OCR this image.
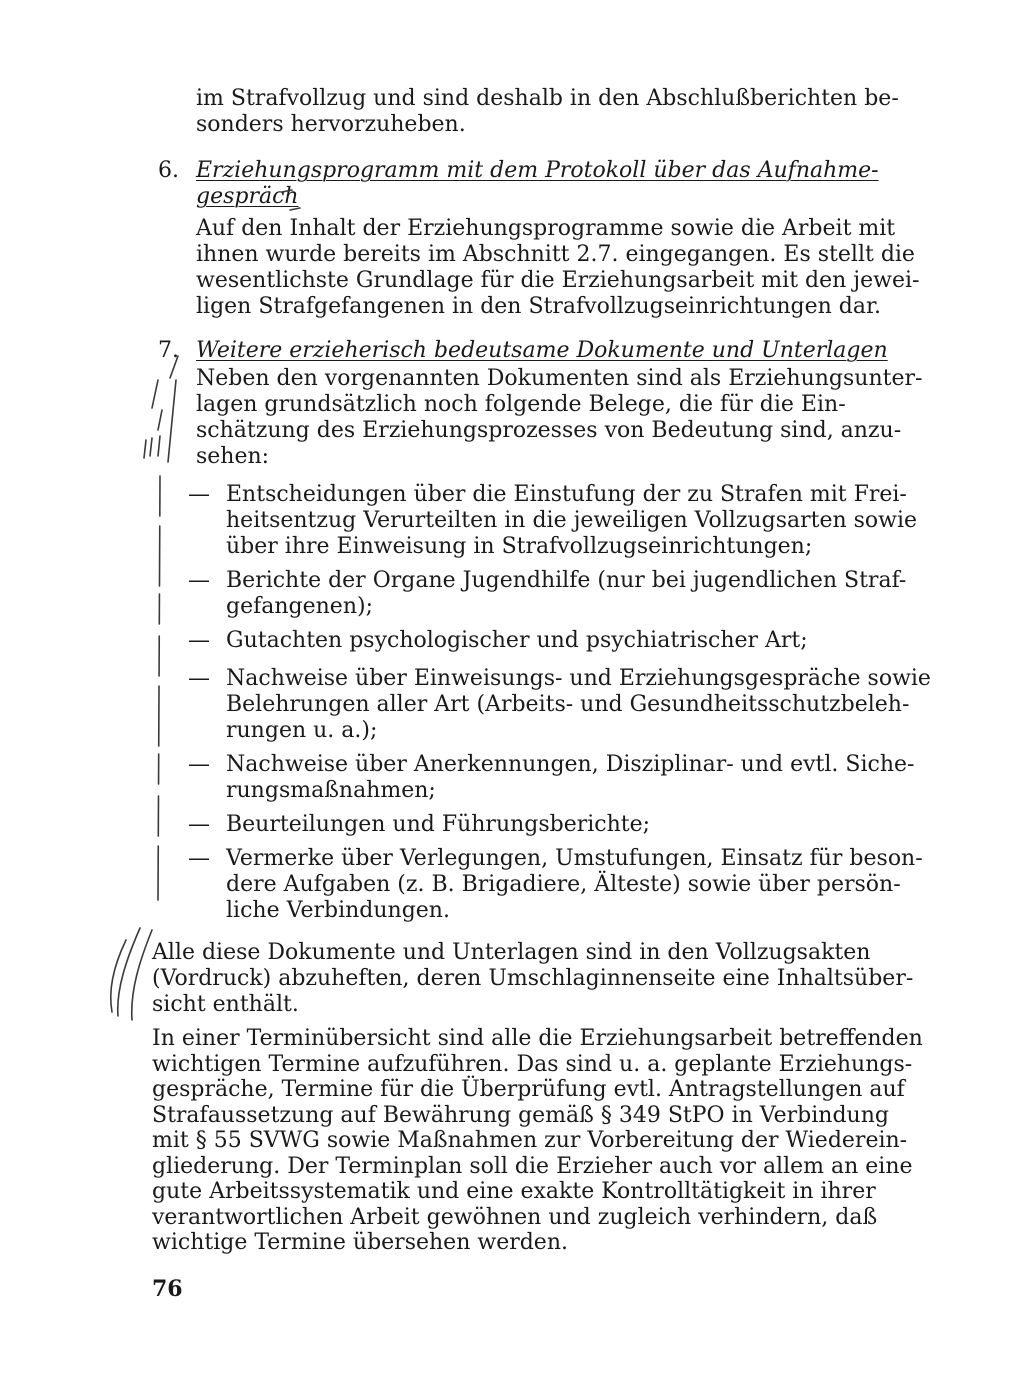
im Strafvollzug und sind deshalb in den Abschlußberichten be-
sonders hervorzuheben.
6. Erziehungsprogramm mit dem Protokoll über das Aufnahme-
gespräch
Auf den Inhalt der Erziehungsprogramme sowie die Arbeit mit
ihnen wurde bereits im Abschnitt 2.7. eingegangen. Es stellt die
wesentlichste Grundlage für die Erziehungsarbeit mit den jewei-
ligen Strafgefangenen in den Strafvollzugseinrichtungen dar.
7. Weitere erzieherisch bedeutsame Dokumente und Unterlagen
Neben den vorgenannten Dokumenten sind als Erziehungsunter-
lagen grundsätzlich noch folgende Belege, die für die Ein-
schätzung des Erziehungsprozesses von Bedeutung sind, anzu-
sehen:
— Entscheidungen über die Einstufung der zu Strafen mit Frei-
heitsentzug Verurteilten in die jeweiligen Vollzugsarten sowie
über ihre Einweisung in Strafvollzugseinrichtungen;
— Berichte der Organe Jugendhilfe (nur bei jugendlichen Straf-
gefangenen);
— Gutachten psychologischer und psychiatrischer Art;
— Nachweise über Einweisungs- und Erziehungsgespräche sowie
Belehrungen aller Art (Arbeits- und Gesundheitsschutzbeleh-
rungen u. a.);
— Nachweise über Anerkennungen, Disziplinar- und evtl. Siche-
rungsmaßnahmen;
— Beurteilungen und Führungsberichte;
— Vermerke über Verlegungen, Umstufungen, Einsatz für beson-
dere Aufgaben (z. B. Brigadiere, Älteste) sowie über persön-
liche Verbindungen.
Alle diese Dokumente und Unterlagen sind in den Vollzugsakten
(Vordruck) abzuheften, deren Umschlaginnenseite eine Inhaltsüber-
sicht enthält.
In einer Terminübersicht sind alle die Erziehungsarbeit betreffenden
wichtigen Termine aufzuführen. Das sind u. a. geplante Erziehungs-
gespräche, Termine für die Überprüfung evtl. Antragstellungen auf
Strafaussetzung auf Bewährung gemäß § 349 StPO in Verbindung
mit § 55 SVWG sowie Maßnahmen zur Vorbereitung der Wiederein-
gliederung. Der Terminplan soll die Erzieher auch vor allem an eine
gute Arbeitssystematik und eine exakte Kontrolltätigkeit in ihrer
verantwortlichen Arbeit gewöhnen und zugleich verhindern, daß
wichtige Termine übersehen werden.
76
